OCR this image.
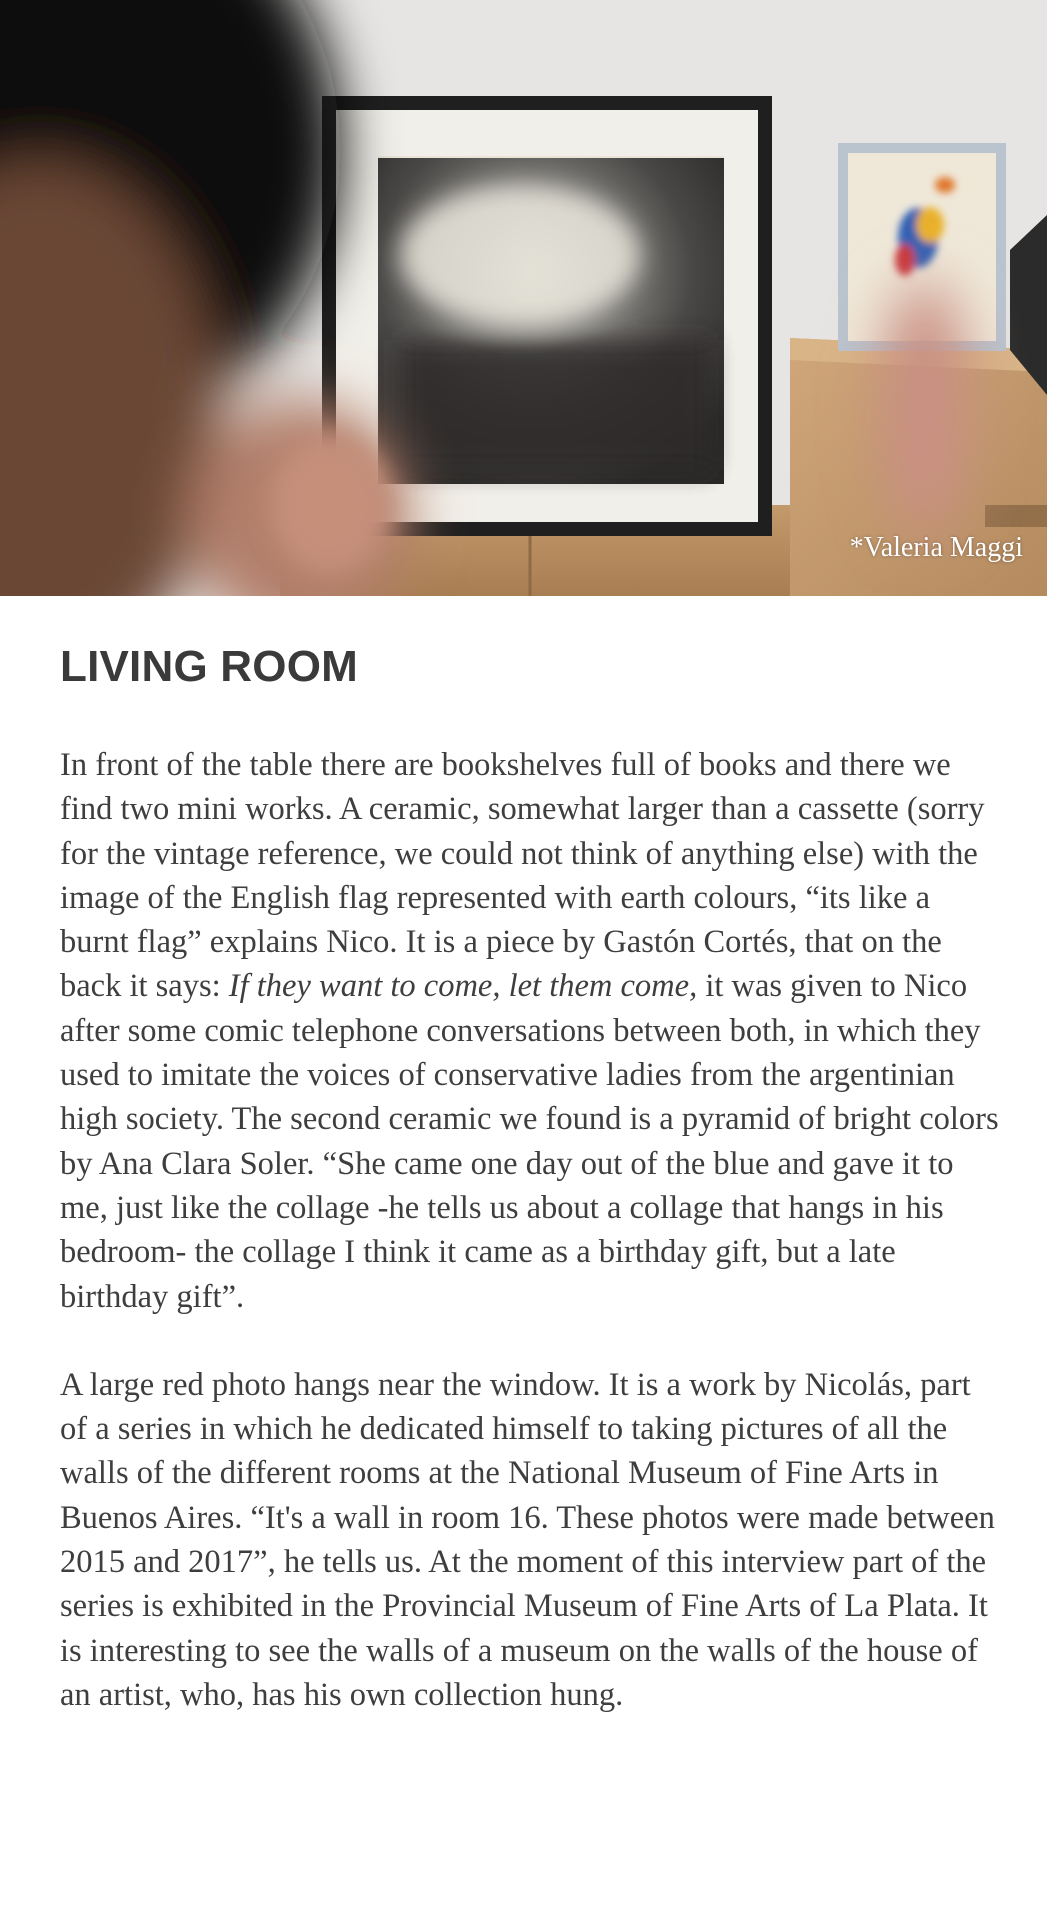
*Valeria Maggi
LIVING ROOM

In front of the table there are bookshelves full of books and there we find two mini works. A ceramic, somewhat larger than a cassette (sorry for the vintage reference, we could not think of anything else) with the image of the English flag represented with earth colours, “its like a burnt flag” explains Nico. It is a piece by Gastón Cortés, that on the back it says: If they want to come, let them come, it was given to Nico after some comic telephone conversations between both, in which they used to imitate the voices of conservative ladies from the argentinian high society. The second ceramic we found is a pyramid of bright colors by Ana Clara Soler. “She came one day out of the blue and gave it to me, just like the collage -he tells us about a collage that hangs in his bedroom- the collage I think it came as a birthday gift, but a late birthday gift”.

A large red photo hangs near the window. It is a work by Nicolás, part of a series in which he dedicated himself to taking pictures of all the walls of the different rooms at the National Museum of Fine Arts in Buenos Aires. “It's a wall in room 16. These photos were made between 2015 and 2017”, he tells us. At the moment of this interview part of the series is exhibited in the Provincial Museum of Fine Arts of La Plata. It is interesting to see the walls of a museum on the walls of the house of an artist, who, has his own collection hung.
